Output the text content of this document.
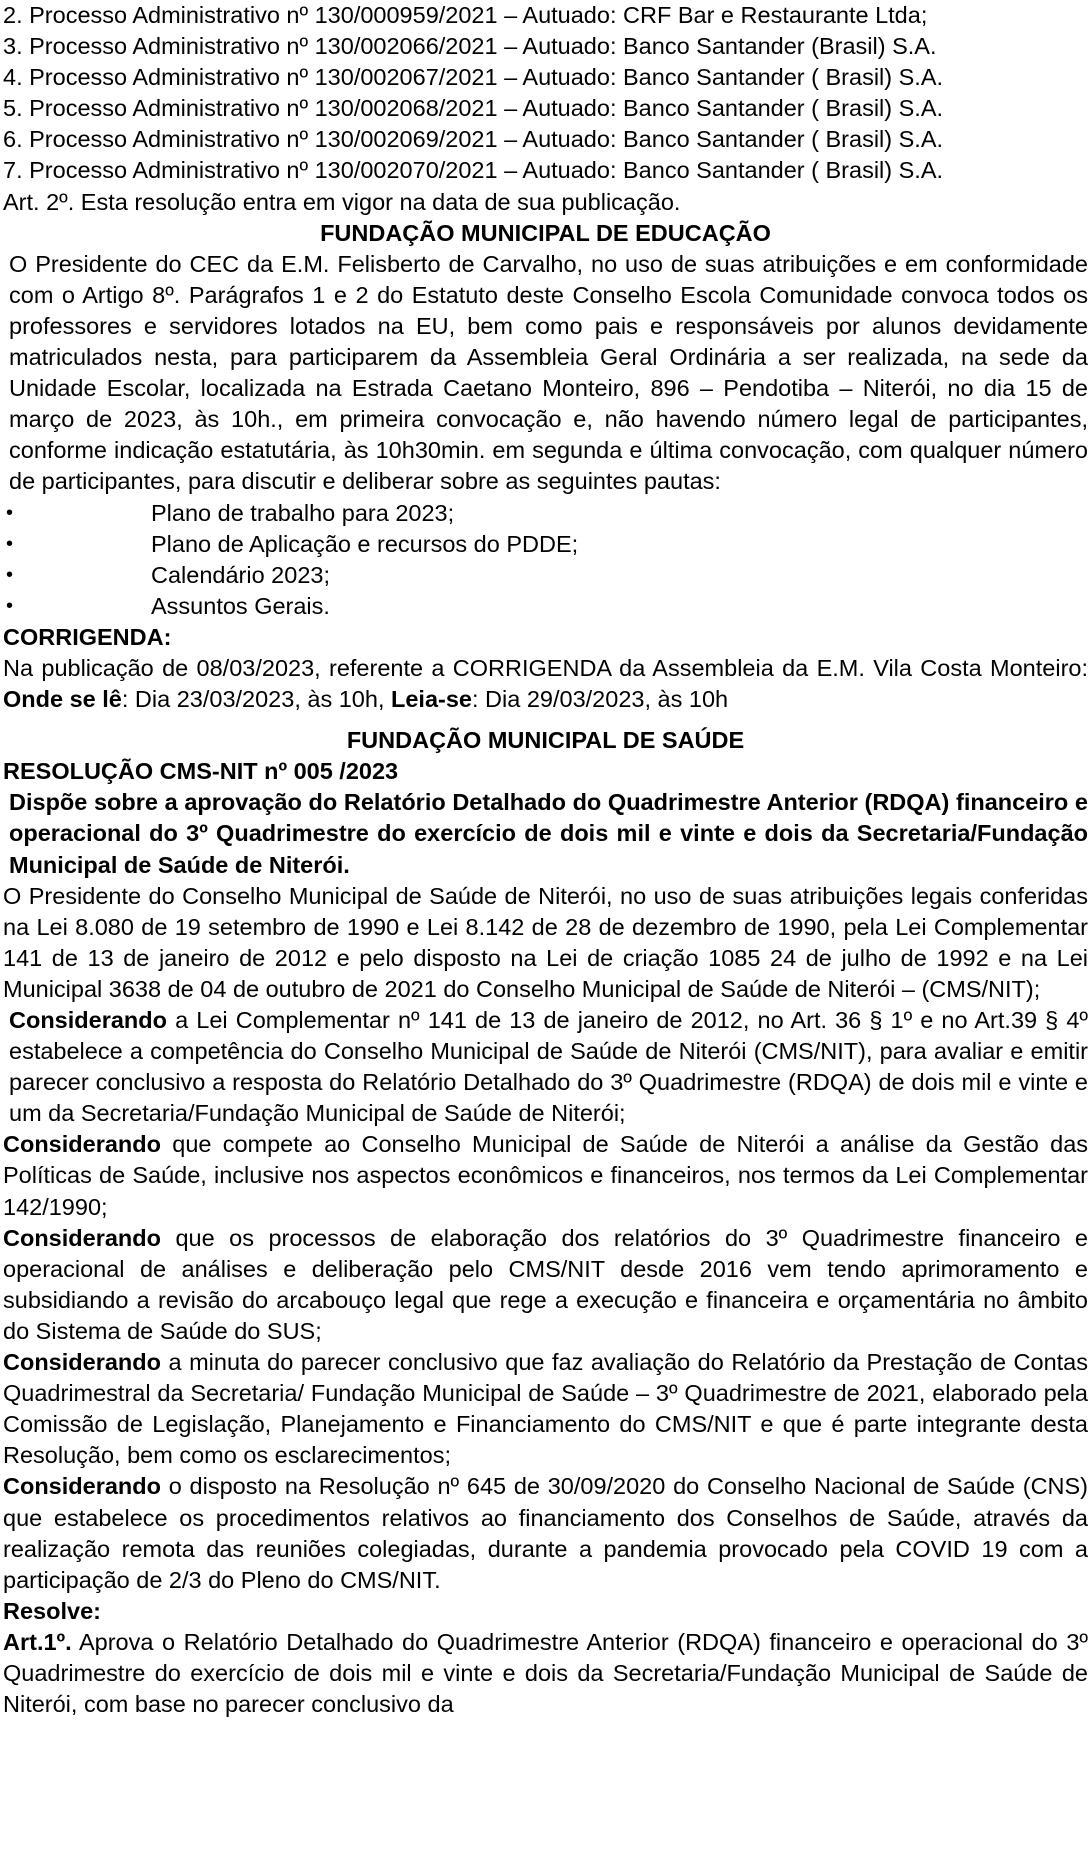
2. Processo Administrativo nº 130/000959/2021 – Autuado: CRF Bar e Restaurante Ltda;
3. Processo Administrativo nº 130/002066/2021 – Autuado: Banco Santander (Brasil) S.A.
4. Processo Administrativo nº 130/002067/2021 – Autuado: Banco Santander ( Brasil) S.A.
5. Processo Administrativo nº 130/002068/2021 – Autuado: Banco Santander ( Brasil) S.A.
6. Processo Administrativo nº 130/002069/2021 – Autuado: Banco Santander ( Brasil) S.A.
7. Processo Administrativo nº 130/002070/2021 – Autuado: Banco Santander ( Brasil) S.A.
Art. 2º. Esta resolução entra em vigor na data de sua publicação.
FUNDAÇÃO MUNICIPAL DE EDUCAÇÃO
O Presidente do CEC da E.M. Felisberto de Carvalho, no uso de suas atribuições e em conformidade com o Artigo 8º. Parágrafos 1 e 2 do Estatuto deste Conselho Escola Comunidade convoca todos os professores e servidores lotados na EU, bem como pais e responsáveis por alunos devidamente matriculados nesta, para participarem da Assembleia Geral Ordinária a ser realizada, na sede da Unidade Escolar, localizada na Estrada Caetano Monteiro, 896 – Pendotiba – Niterói, no dia 15 de março de 2023, às 10h., em primeira convocação e, não havendo número legal de participantes, conforme indicação estatutária, às 10h30min. em segunda e última convocação, com qualquer número de participantes, para discutir e deliberar sobre as seguintes pautas:
• Plano de trabalho para 2023;
• Plano de Aplicação e recursos do PDDE;
• Calendário 2023;
• Assuntos Gerais.
CORRIGENDA:
Na publicação de 08/03/2023, referente a CORRIGENDA da Assembleia da E.M. Vila Costa Monteiro: Onde se lê: Dia 23/03/2023, às 10h, Leia-se: Dia 29/03/2023, às 10h
FUNDAÇÃO MUNICIPAL DE SAÚDE
RESOLUÇÃO CMS-NIT nº 005 /2023
Dispõe sobre a aprovação do Relatório Detalhado do Quadrimestre Anterior (RDQA) financeiro e operacional do 3º Quadrimestre do exercício de dois mil e vinte e dois da Secretaria/Fundação Municipal de Saúde de Niterói.
O Presidente do Conselho Municipal de Saúde de Niterói, no uso de suas atribuições legais conferidas na Lei 8.080 de 19 setembro de 1990 e Lei 8.142 de 28 de dezembro de 1990, pela Lei Complementar 141 de 13 de janeiro de 2012 e pelo disposto na Lei de criação 1085 24 de julho de 1992 e na Lei Municipal 3638 de 04 de outubro de 2021 do Conselho Municipal de Saúde de Niterói – (CMS/NIT);
Considerando a Lei Complementar nº 141 de 13 de janeiro de 2012, no Art. 36 § 1º e no Art.39 § 4º estabelece a competência do Conselho Municipal de Saúde de Niterói (CMS/NIT), para avaliar e emitir parecer conclusivo a resposta do Relatório Detalhado do 3º Quadrimestre (RDQA) de dois mil e vinte e um da Secretaria/Fundação Municipal de Saúde de Niterói;
Considerando que compete ao Conselho Municipal de Saúde de Niterói a análise da Gestão das Políticas de Saúde, inclusive nos aspectos econômicos e financeiros, nos termos da Lei Complementar 142/1990;
Considerando que os processos de elaboração dos relatórios do 3º Quadrimestre financeiro e operacional de análises e deliberação pelo CMS/NIT desde 2016 vem tendo aprimoramento e subsidiando a revisão do arcabouço legal que rege a execução e financeira e orçamentária no âmbito do Sistema de Saúde do SUS;
Considerando a minuta do parecer conclusivo que faz avaliação do Relatório da Prestação de Contas Quadrimestral da Secretaria/ Fundação Municipal de Saúde – 3º Quadrimestre de 2021, elaborado pela Comissão de Legislação, Planejamento e Financiamento do CMS/NIT e que é parte integrante desta Resolução, bem como os esclarecimentos;
Considerando o disposto na Resolução nº 645 de 30/09/2020 do Conselho Nacional de Saúde (CNS) que estabelece os procedimentos relativos ao financiamento dos Conselhos de Saúde, através da realização remota das reuniões colegiadas, durante a pandemia provocado pela COVID 19 com a participação de 2/3 do Pleno do CMS/NIT.
Resolve:
Art.1º. Aprova o Relatório Detalhado do Quadrimestre Anterior (RDQA) financeiro e operacional do 3º Quadrimestre do exercício de dois mil e vinte e dois da Secretaria/Fundação Municipal de Saúde de Niterói, com base no parecer conclusivo da
